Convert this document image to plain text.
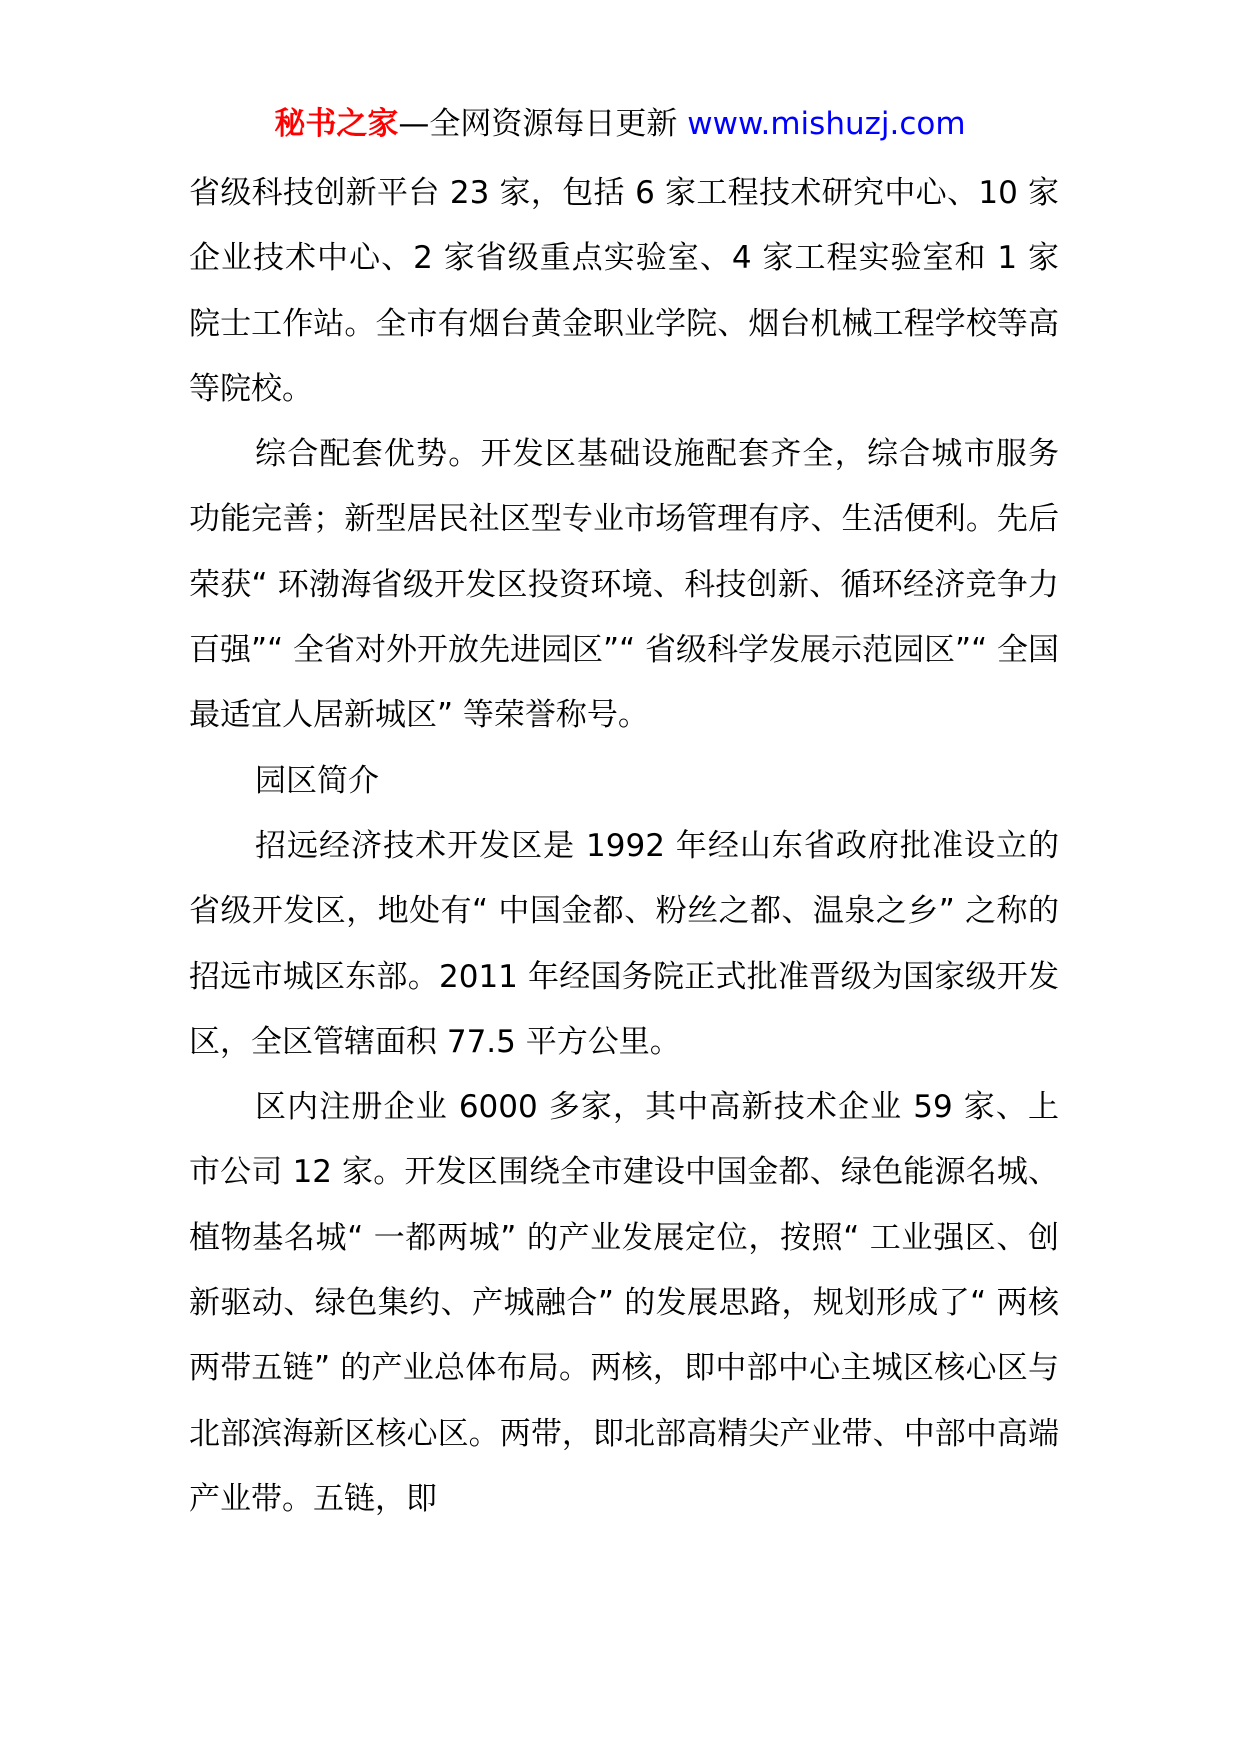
秘书之家—全网资源每日更新 www.mishuzj.com

省级科技创新平台 23 家，包括 6 家工程技术研究中心、10 家企业技术中心、2 家省级重点实验室、4 家工程实验室和 1 家院士工作站。全市有烟台黄金职业学院、烟台机械工程学校等高等院校。

综合配套优势。开发区基础设施配套齐全，综合城市服务功能完善；新型居民社区型专业市场管理有序、生活便利。先后荣获“ 环渤海省级开发区投资环境、科技创新、循环经济竞争力百强”“ 全省对外开放先进园区”“ 省级科学发展示范园区”“ 全国最适宜人居新城区” 等荣誉称号。

园区简介

招远经济技术开发区是 1992 年经山东省政府批准设立的省级开发区，地处有“ 中国金都、粉丝之都、温泉之乡” 之称的招远市城区东部。2011 年经国务院正式批准晋级为国家级开发区，全区管辖面积 77.5 平方公里。

区内注册企业 6000 多家，其中高新技术企业 59 家、上市公司 12 家。开发区围绕全市建设中国金都、绿色能源名城、植物基名城“ 一都两城” 的产业发展定位，按照“ 工业强区、创新驱动、绿色集约、产城融合” 的发展思路，规划形成了“ 两核两带五链” 的产业总体布局。两核，即中部中心主城区核心区与北部滨海新区核心区。两带，即北部高精尖产业带、中部中高端产业带。五链，即
